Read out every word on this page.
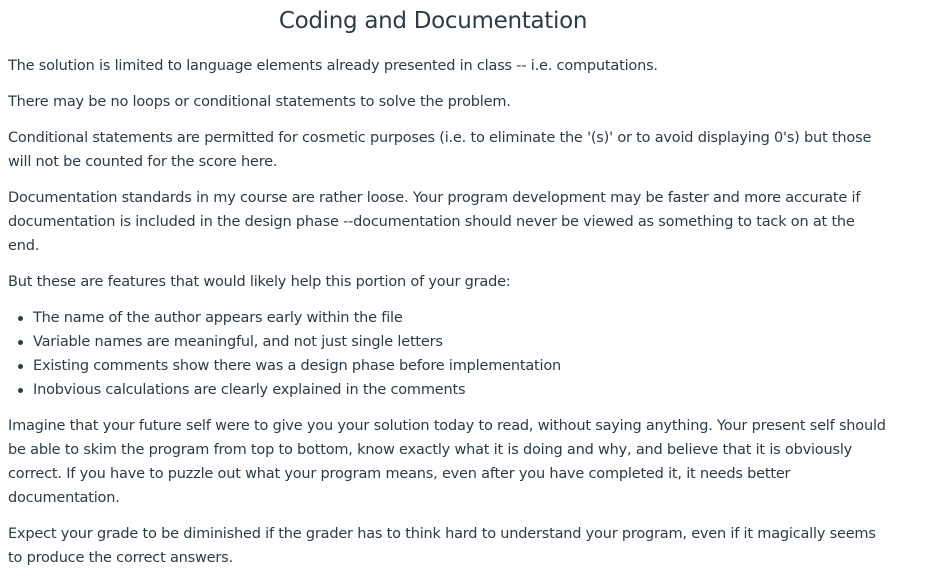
Coding and Documentation

The solution is limited to language elements already presented in class -- i.e. computations.

There may be no loops or conditional statements to solve the problem.

Conditional statements are permitted for cosmetic purposes (i.e. to eliminate the '(s)' or to avoid displaying 0's) but those will not be counted for the score here.

Documentation standards in my course are rather loose. Your program development may be faster and more accurate if documentation is included in the design phase --documentation should never be viewed as something to tack on at the end.

But these are features that would likely help this portion of your grade:

The name of the author appears early within the file
Variable names are meaningful, and not just single letters
Existing comments show there was a design phase before implementation
Inobvious calculations are clearly explained in the comments

Imagine that your future self were to give you your solution today to read, without saying anything. Your present self should be able to skim the program from top to bottom, know exactly what it is doing and why, and believe that it is obviously correct. If you have to puzzle out what your program means, even after you have completed it, it needs better documentation.

Expect your grade to be diminished if the grader has to think hard to understand your program, even if it magically seems to produce the correct answers.
